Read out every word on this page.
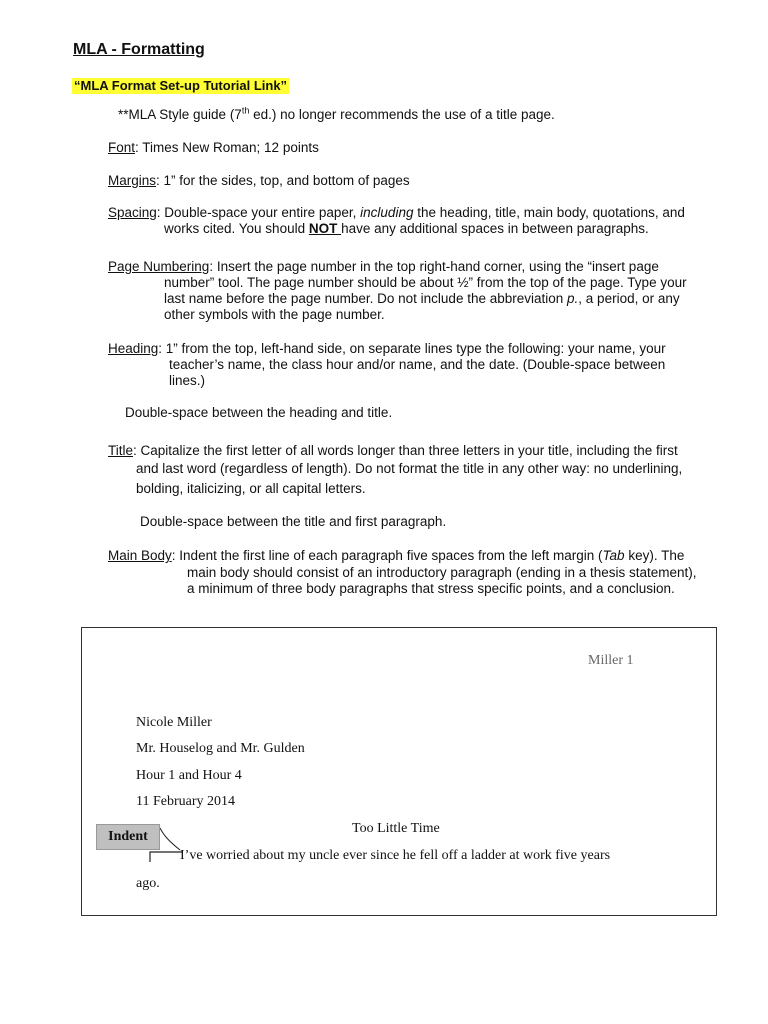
MLA - Formatting
“MLA Format Set-up Tutorial Link”
**MLA Style guide (7th ed.) no longer recommends the use of a title page.
Font: Times New Roman; 12 points
Margins: 1” for the sides, top, and bottom of pages
Spacing: Double-space your entire paper, including the heading, title, main body, quotations, and
works cited. You should NOT have any additional spaces in between paragraphs.
Page Numbering: Insert the page number in the top right-hand corner, using the “insert page
number” tool. The page number should be about ½” from the top of the page. Type your
last name before the page number. Do not include the abbreviation p., a period, or any
other symbols with the page number.
Heading: 1” from the top, left-hand side, on separate lines type the following: your name, your
teacher’s name, the class hour and/or name, and the date. (Double-space between
lines.)
Double-space between the heading and title.
Title: Capitalize the first letter of all words longer than three letters in your title, including the first
and last word (regardless of length). Do not format the title in any other way: no underlining,
bolding, italicizing, or all capital letters.
Double-space between the title and first paragraph.
Main Body: Indent the first line of each paragraph five spaces from the left margin (Tab key). The
main body should consist of an introductory paragraph (ending in a thesis statement),
a minimum of three body paragraphs that stress specific points, and a conclusion.
Miller 1
Nicole Miller
Mr. Houselog and Mr. Gulden
Hour 1 and Hour 4
11 February 2014
Too Little Time
Indent
I’ve worried about my uncle ever since he fell off a ladder at work five years
ago.
